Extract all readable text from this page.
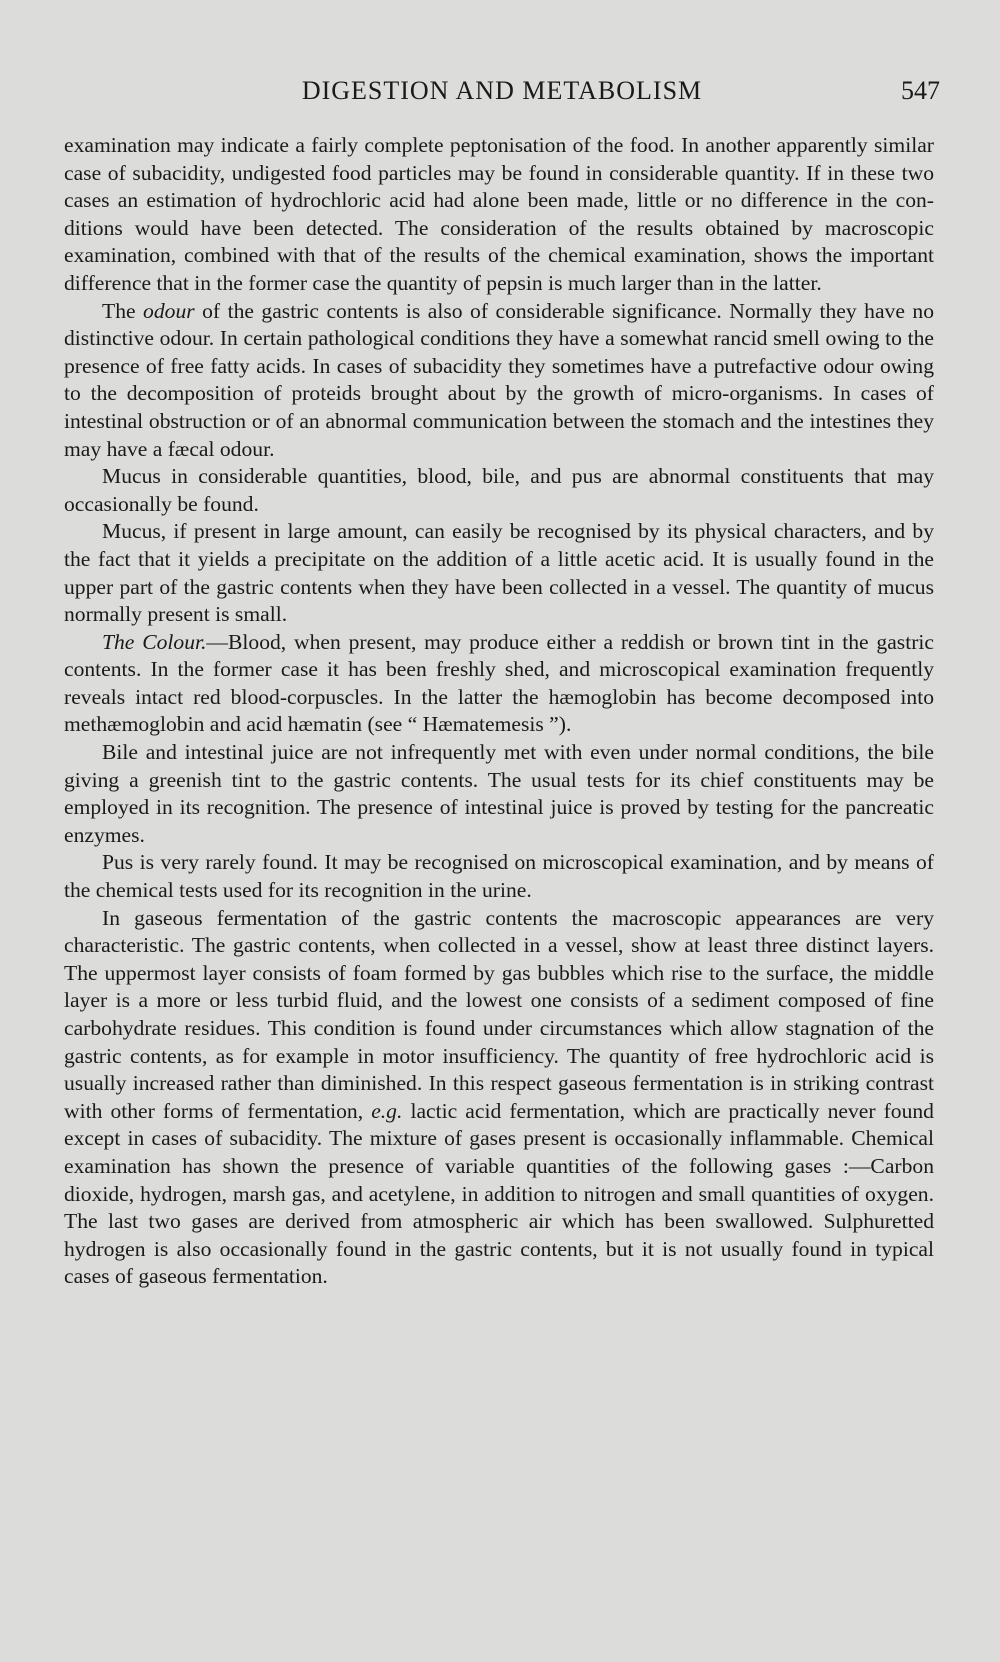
DIGESTION AND METABOLISM	547

examination may indicate a fairly complete peptonisation of the food. In another apparently similar case of subacidity, undigested food particles may be found in considerable quantity. If in these two cases an estimation of hydrochloric acid had alone been made, little or no difference in the conditions would have been detected. The consideration of the results obtained by macroscopic examination, combined with that of the results of the chemical examination, shows the important difference that in the former case the quantity of pepsin is much larger than in the latter.

The odour of the gastric contents is also of considerable significance. Normally they have no distinctive odour. In certain pathological conditions they have a somewhat rancid smell owing to the presence of free fatty acids. In cases of subacidity they sometimes have a putrefactive odour owing to the decomposition of proteids brought about by the growth of micro-organisms. In cases of intestinal obstruction or of an abnormal communication between the stomach and the intestines they may have a fæcal odour.

Mucus in considerable quantities, blood, bile, and pus are abnormal constituents that may occasionally be found.

Mucus, if present in large amount, can easily be recognised by its physical characters, and by the fact that it yields a precipitate on the addition of a little acetic acid. It is usually found in the upper part of the gastric contents when they have been collected in a vessel. The quantity of mucus normally present is small.

The Colour.—Blood, when present, may produce either a reddish or brown tint in the gastric contents. In the former case it has been freshly shed, and microscopical examination frequently reveals intact red blood-corpuscles. In the latter the hæmoglobin has become decomposed into methæmoglobin and acid hæmatin (see “ Hæmatemesis ”).

Bile and intestinal juice are not infrequently met with even under normal conditions, the bile giving a greenish tint to the gastric contents. The usual tests for its chief constituents may be employed in its recognition. The presence of intestinal juice is proved by testing for the pancreatic enzymes.

Pus is very rarely found. It may be recognised on microscopical examination, and by means of the chemical tests used for its recognition in the urine.

In gaseous fermentation of the gastric contents the macroscopic appearances are very characteristic. The gastric contents, when collected in a vessel, show at least three distinct layers. The uppermost layer consists of foam formed by gas bubbles which rise to the surface, the middle layer is a more or less turbid fluid, and the lowest one consists of a sediment composed of fine carbohydrate residues. This condition is found under circumstances which allow stagnation of the gastric contents, as for example in motor insufficiency. The quantity of free hydrochloric acid is usually increased rather than diminished. In this respect gaseous fermentation is in striking contrast with other forms of fermentation, e.g. lactic acid fermentation, which are practically never found except in cases of subacidity. The mixture of gases present is occasionally inflammable. Chemical examination has shown the presence of variable quantities of the following gases :—Carbon dioxide, hydrogen, marsh gas, and acetylene, in addition to nitrogen and small quantities of oxygen. The last two gases are derived from atmospheric air which has been swallowed. Sulphuretted hydrogen is also occasionally found in the gastric contents, but it is not usually found in typical cases of gaseous fermentation.
